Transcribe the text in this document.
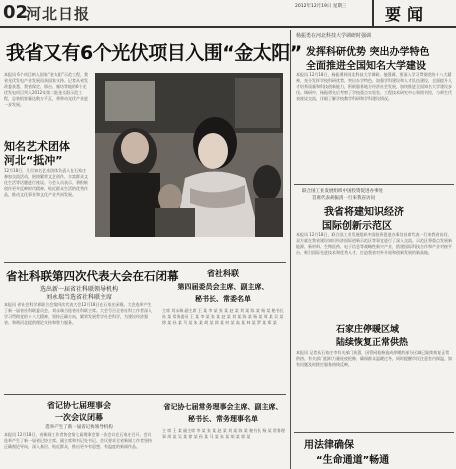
02
河北日报	2012年12月19日 星期三	要闻
我省又有6个光伏项目入围“金太阳”
本报讯 6个项目纳入国家“金太阳”示范工程，我省光伏发电产业发展再获国家支持。记者从省发改委获悉，我省保定、邢台、廊坊等地的6个光伏发电项目列入2012年第二批金太阳示范工程，总装机容量达数万千瓦，将带动光伏产业进一步发展。
知名艺术团体
河北“抵冲”
12月18日，几位知名艺术团体负责人在石家庄参加交流活动，围绕繁荣文艺创作、丰富群众文化生活等话题进行座谈。与会人员表示，将积极创作更多反映时代精神、贴近群众生活的优秀作品，推动文化事业和文化产业共同发展。
省社科联第四次代表大会在石闭幕
选出新一届省社科联领导机构
刘永瑞当选省社科联主席
本报讯 省社会科学界联合会第四次代表大会12月18日在石家庄闭幕。大会选举产生了新一届省社科联委员会，刘永瑞当选省社科联主席。大会号召全省社科工作者深入学习贯彻党的十八大精神，坚持正确方向，繁荣发展哲学社会科学，为建设经济强省、和谐河北提供理论支持和智力服务。
省社科联
第四届委员会主席、副主席、
秘书长、常委名单
主席 刘永瑞 副主席 王 某 李 某 张 某 赵 某 刘 某 陈 某 杨 某 秘书长 孙 某 常务委员 王 某 李 某 张 某 赵 某 刘 某 陈 某 杨 某 周 某 吴 某 徐 某 孙 某 马 某 朱 某 胡 某 郭 某 何 某 高 某 林 某 罗 某 郑 某
省记协七届理事会
一次会议闭幕
选举产生了新一届省记协领导机构
本报讯 12月18日，省新闻工作者协会第七届理事会第一次会议在石家庄召开，会议选举产生了新一届省记协主席、副主席和书记处书记。会议要求全省新闻工作者坚持正确舆论导向，深入基层、贴近群众，推出更多有思想、有温度的新闻作品。
省记协七届常务理事会主席、副主席、
秘书长、常务理事名单
主 席 王 某 副主席 李 某 张 某 赵 某 刘 某 陈 某 秘书长 杨 某 常务理事 周 某 吴 某 徐 某 孙 某 马 某 朱 某 胡 某 郭 某
杨振勇在河北科技大学调研时强调
发挥科研优势 突出办学特色
全面推进全国知名大学建设
本报讯 12月18日，杨振勇到河北科技大学调研。他强调，要深入学习贯彻党的十八大精神，充分发挥学校科研优势，突出办学特色，加强学科建设和人才队伍建设，全面提升人才培养质量和科技创新能力，积极服务地方经济社会发展，加快推进全国知名大学建设步伐。调研中，杨振勇先后考察了学校重点实验室、工程技术研究中心和图书馆，与师生代表座谈交流，详细了解学校教学科研和学科建设情况。
联合国工业发展组织中国投资促进办事处
首席代表胡振清一行来我省访问
我省将建知识经济
国际创新示范区
本报讯 12月18日，联合国工业发展组织中国投资促进办事处首席代表一行来我省访问，双方就在我省建设知识经济国际创新示范区等事宜进行了深入交流。示范区将重点发展新能源、新材料、生物医药、电子信息等战略性新兴产业，搭建国际科技合作和产业对接平台，吸引国际先进技术和优秀人才，打造我省对外开放和创新发展的新高地。
石家庄停暖区域
陆续恢复正常供热
本报讯 记者从石家庄市有关部门获悉，因管网抢修造成停暖的部分区域已陆续恢复正常供热。有关部门组织力量连夜抢修，确保群众温暖过冬，同时提醒市民注意室内保温，如有问题及时拨打服务热线反映。
用法律确保
“生命通道”畅通
